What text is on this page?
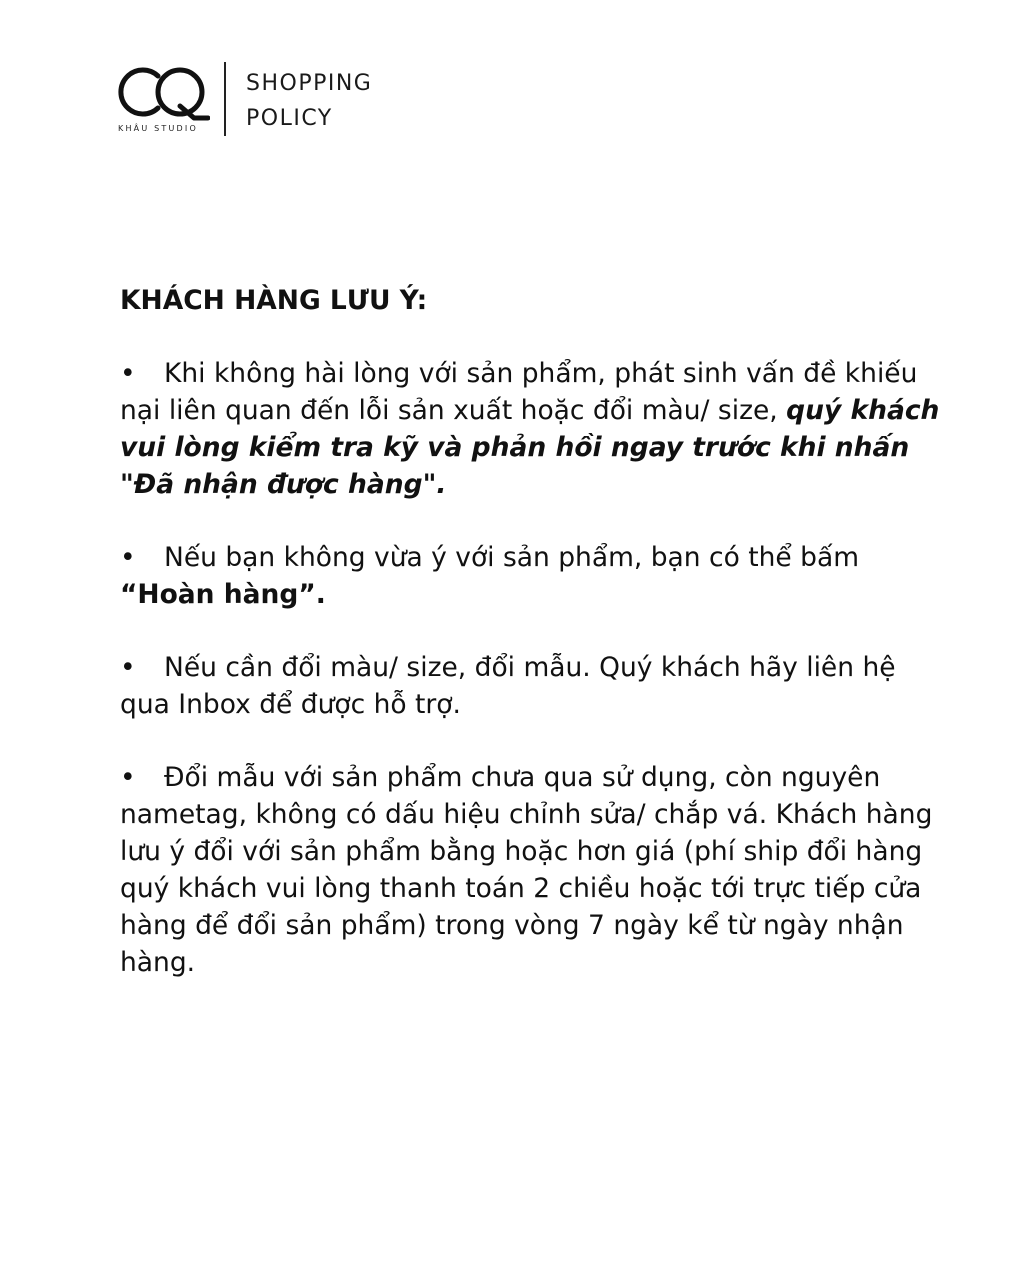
KHÂU STUDIO
SHOPPING
POLICY
KHÁCH HÀNG LƯU Ý:
• Khi không hài lòng với sản phẩm, phát sinh vấn đề khiếu nại liên quan đến lỗi sản xuất hoặc đổi màu/ size, quý khách vui lòng kiểm tra kỹ và phản hồi ngay trước khi nhấn "Đã nhận được hàng".
• Nếu bạn không vừa ý với sản phẩm, bạn có thể bấm “Hoàn hàng”.
• Nếu cần đổi màu/ size, đổi mẫu. Quý khách hãy liên hệ qua Inbox để được hỗ trợ.
• Đổi mẫu với sản phẩm chưa qua sử dụng, còn nguyên nametag, không có dấu hiệu chỉnh sửa/ chắp vá. Khách hàng lưu ý đổi với sản phẩm bằng hoặc hơn giá (phí ship đổi hàng quý khách vui lòng thanh toán 2 chiều hoặc tới trực tiếp cửa hàng để đổi sản phẩm) trong vòng 7 ngày kể từ ngày nhận hàng.
